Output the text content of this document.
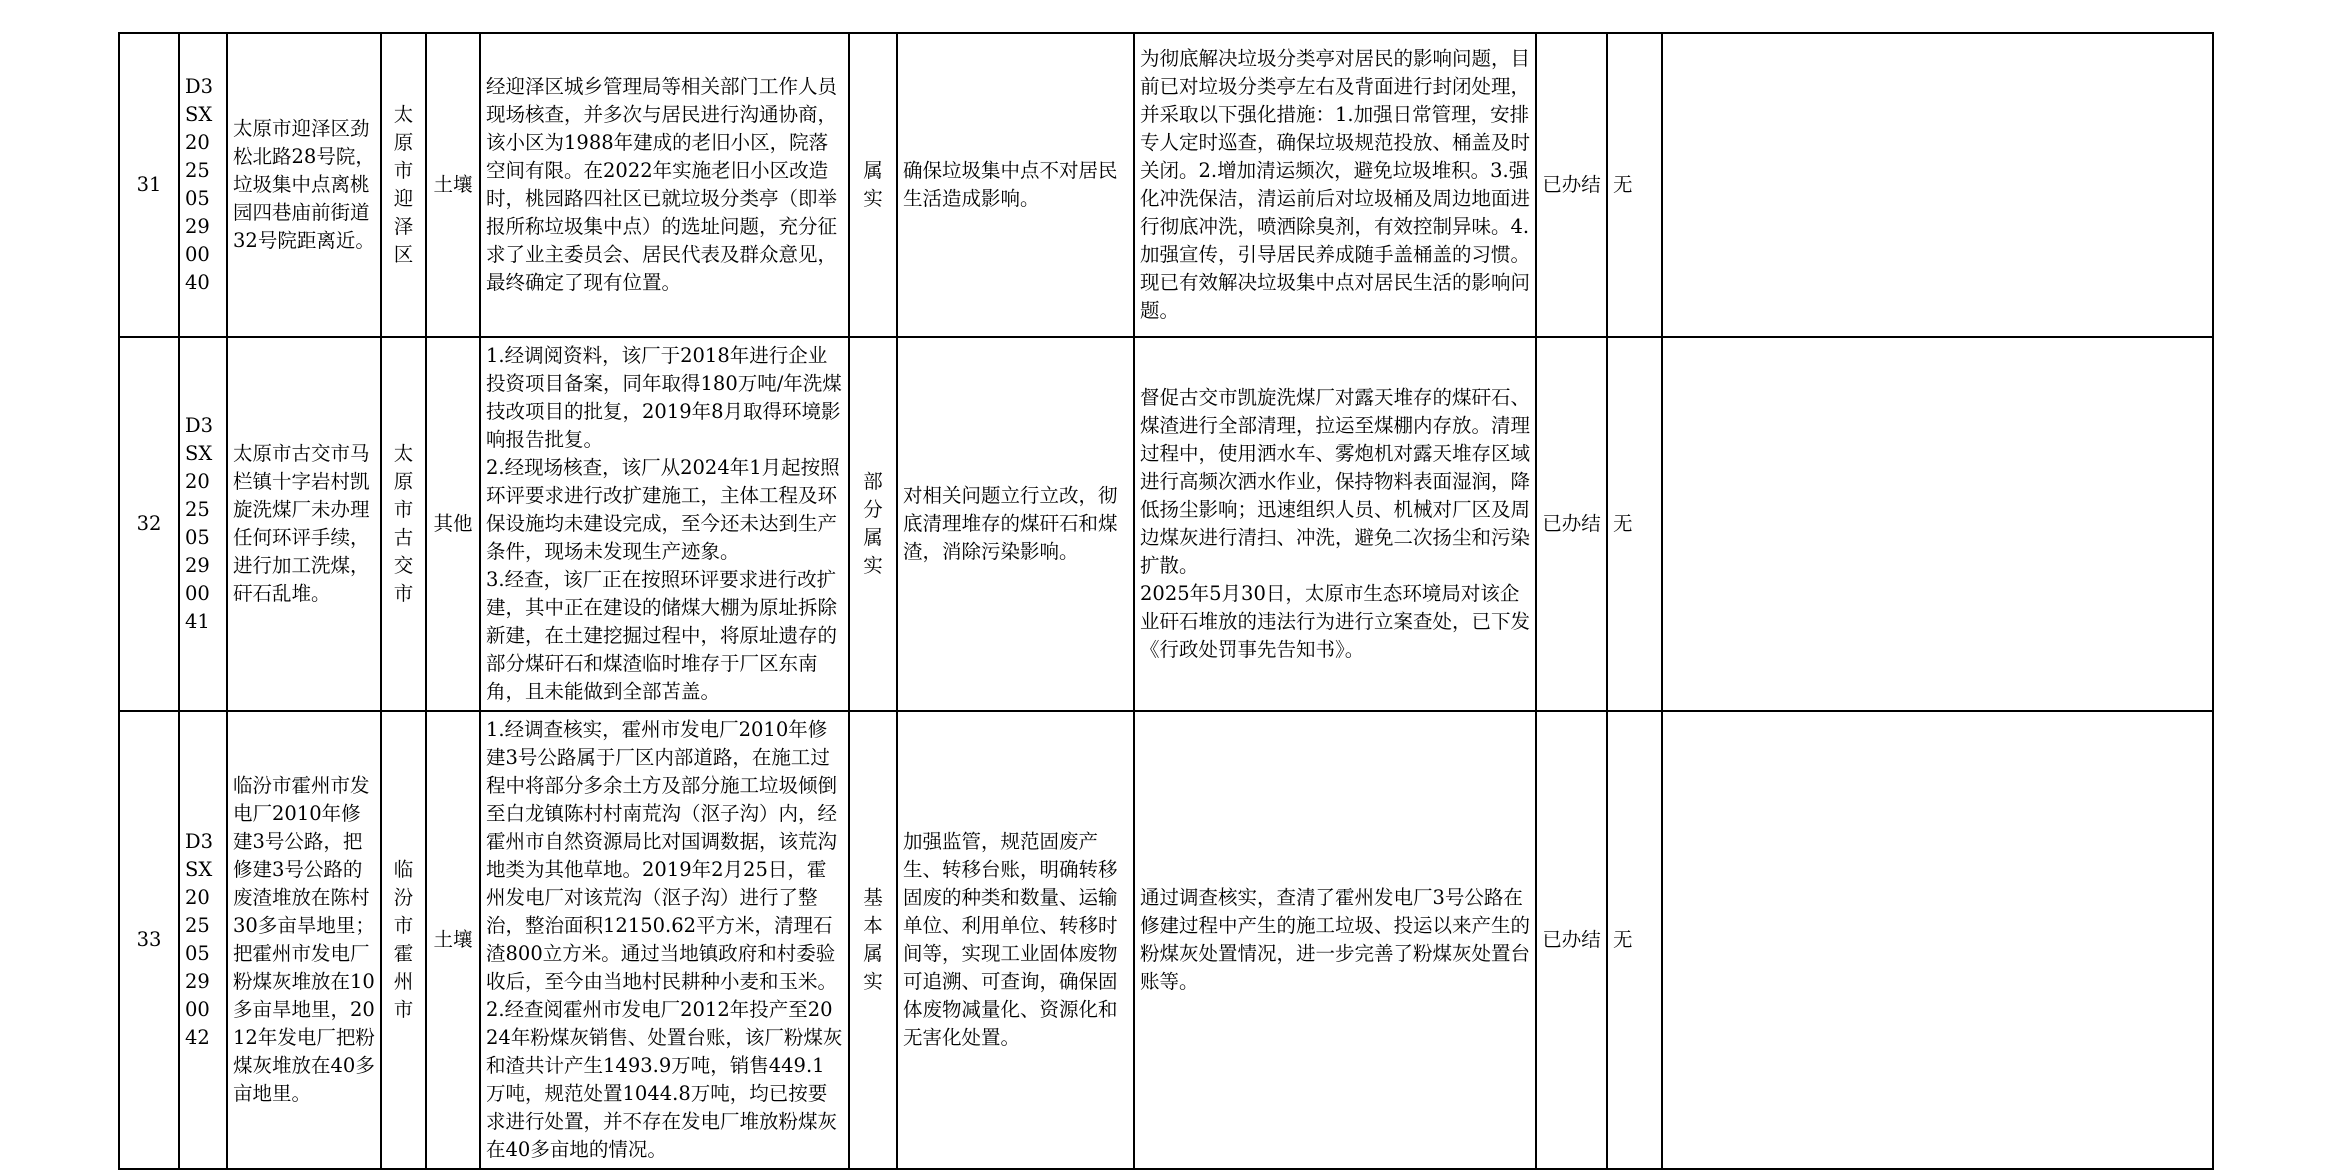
31	D3SX20250529 0040	太原市迎泽区劲松北路28号院，垃圾集中点离桃园四巷庙前街道32号院距离近。	太原市迎泽区	土壤	经迎泽区城乡管理局等相关部门工作人员现场核查，并多次与居民进行沟通协商，该小区为1988年建成的老旧小区，院落空间有限。在2022年实施老旧小区改造时，桃园路四社区已就垃圾分类亭（即举报所称垃圾集中点）的选址问题，充分征求了业主委员会、居民代表及群众意见，最终确定了现有位置。	属实	确保垃圾集中点不对居民生活造成影响。	为彻底解决垃圾分类亭对居民的影响问题，目前已对垃圾分类亭左右及背面进行封闭处理，并采取以下强化措施：1.加强日常管理，安排专人定时巡查，确保垃圾规范投放、桶盖及时关闭。2.增加清运频次，避免垃圾堆积。3.强化冲洗保洁，清运前后对垃圾桶及周边地面进行彻底冲洗，喷洒除臭剂，有效控制异味。4.加强宣传，引导居民养成随手盖桶盖的习惯。现已有效解决垃圾集中点对居民生活的影响问题。	已办结	无	
32	D3SX20250529 0041	太原市古交市马栏镇十字岩村凯旋洗煤厂未办理任何环评手续，进行加工洗煤，矸石乱堆。	太原市古交市	其他	1.经调阅资料，该厂于2018年进行企业投资项目备案，同年取得180万吨/年洗煤技改项目的批复，2019年8月取得环境影响报告批复。
2.经现场核查，该厂从2024年1月起按照环评要求进行改扩建施工，主体工程及环保设施均未建设完成，至今还未达到生产条件，现场未发现生产迹象。
3.经查，该厂正在按照环评要求进行改扩建，其中正在建设的储煤大棚为原址拆除新建，在土建挖掘过程中，将原址遗存的部分煤矸石和煤渣临时堆存于厂区东南角，且未能做到全部苫盖。	部分属实	对相关问题立行立改，彻底清理堆存的煤矸石和煤渣，消除污染影响。	督促古交市凯旋洗煤厂对露天堆存的煤矸石、煤渣进行全部清理，拉运至煤棚内存放。清理过程中，使用洒水车、雾炮机对露天堆存区域进行高频次洒水作业，保持物料表面湿润，降低扬尘影响；迅速组织人员、机械对厂区及周边煤灰进行清扫、冲洗，避免二次扬尘和污染扩散。
2025年5月30日，太原市生态环境局对该企业矸石堆放的违法行为进行立案查处，已下发《行政处罚事先告知书》。	已办结	无	
33	D3SX20250529 0042	临汾市霍州市发电厂2010年修建3号公路，把修建3号公路的废渣堆放在陈村30多亩旱地里；把霍州市发电厂粉煤灰堆放在10多亩旱地里，2012年发电厂把粉煤灰堆放在40多亩地里。	临汾市霍州市	土壤	1.经调查核实，霍州市发电厂2010年修建3号公路属于厂区内部道路，在施工过程中将部分多余土方及部分施工垃圾倾倒至白龙镇陈村村南荒沟（沤子沟）内，经霍州市自然资源局比对国调数据，该荒沟地类为其他草地。2019年2月25日，霍州发电厂对该荒沟（沤子沟）进行了整治，整治面积12150.62平方米，清理石渣800立方米。通过当地镇政府和村委验收后，至今由当地村民耕种小麦和玉米。
2.经查阅霍州市发电厂2012年投产至2024年粉煤灰销售、处置台账，该厂粉煤灰和渣共计产生1493.9万吨，销售449.1万吨，规范处置1044.8万吨，均已按要求进行处置，并不存在发电厂堆放粉煤灰在40多亩地的情况。	基本属实	加强监管，规范固废产生、转移台账，明确转移固废的种类和数量、运输单位、利用单位、转移时间等，实现工业固体废物可追溯、可查询，确保固体废物减量化、资源化和无害化处置。	通过调查核实，查清了霍州发电厂3号公路在修建过程中产生的施工垃圾、投运以来产生的粉煤灰处置情况，进一步完善了粉煤灰处置台账等。	已办结	无	
